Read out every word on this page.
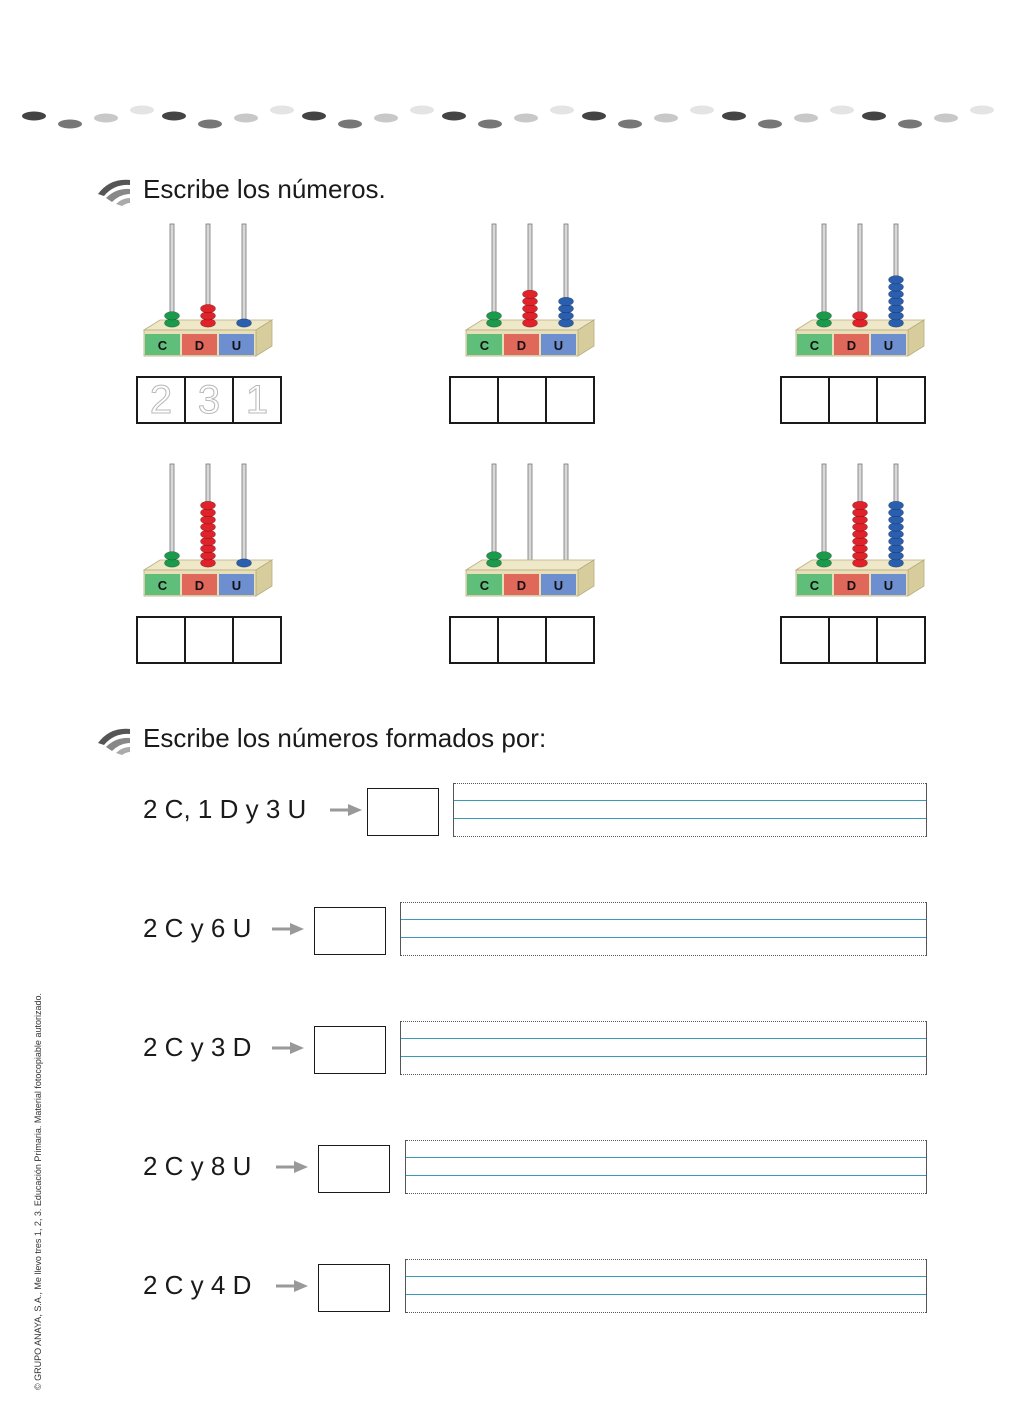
Escribe los números.
C D U
2 3 1
C D U	C D U
C D U	C D U	C D U
Escribe los números formados por:
2 C, 1 D y 3 U
2 C y 6 U
2 C y 3 D
2 C y 8 U
2 C y 4 D
© GRUPO ANAYA, S.A., Me llevo tres 1, 2, 3. Educación Primaria. Material fotocopiable autorizado.
